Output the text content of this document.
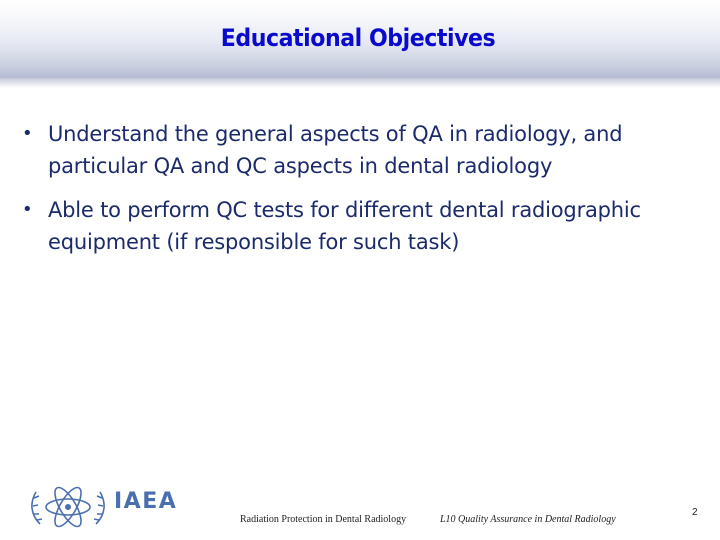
Educational Objectives
• Understand the general aspects of QA in radiology, and particular QA and QC aspects in dental radiology
• Able to perform QC tests for different dental radiographic equipment (if responsible for such task)
IAEA
Radiation Protection in Dental Radiology	L10 Quality Assurance in Dental Radiology
2
